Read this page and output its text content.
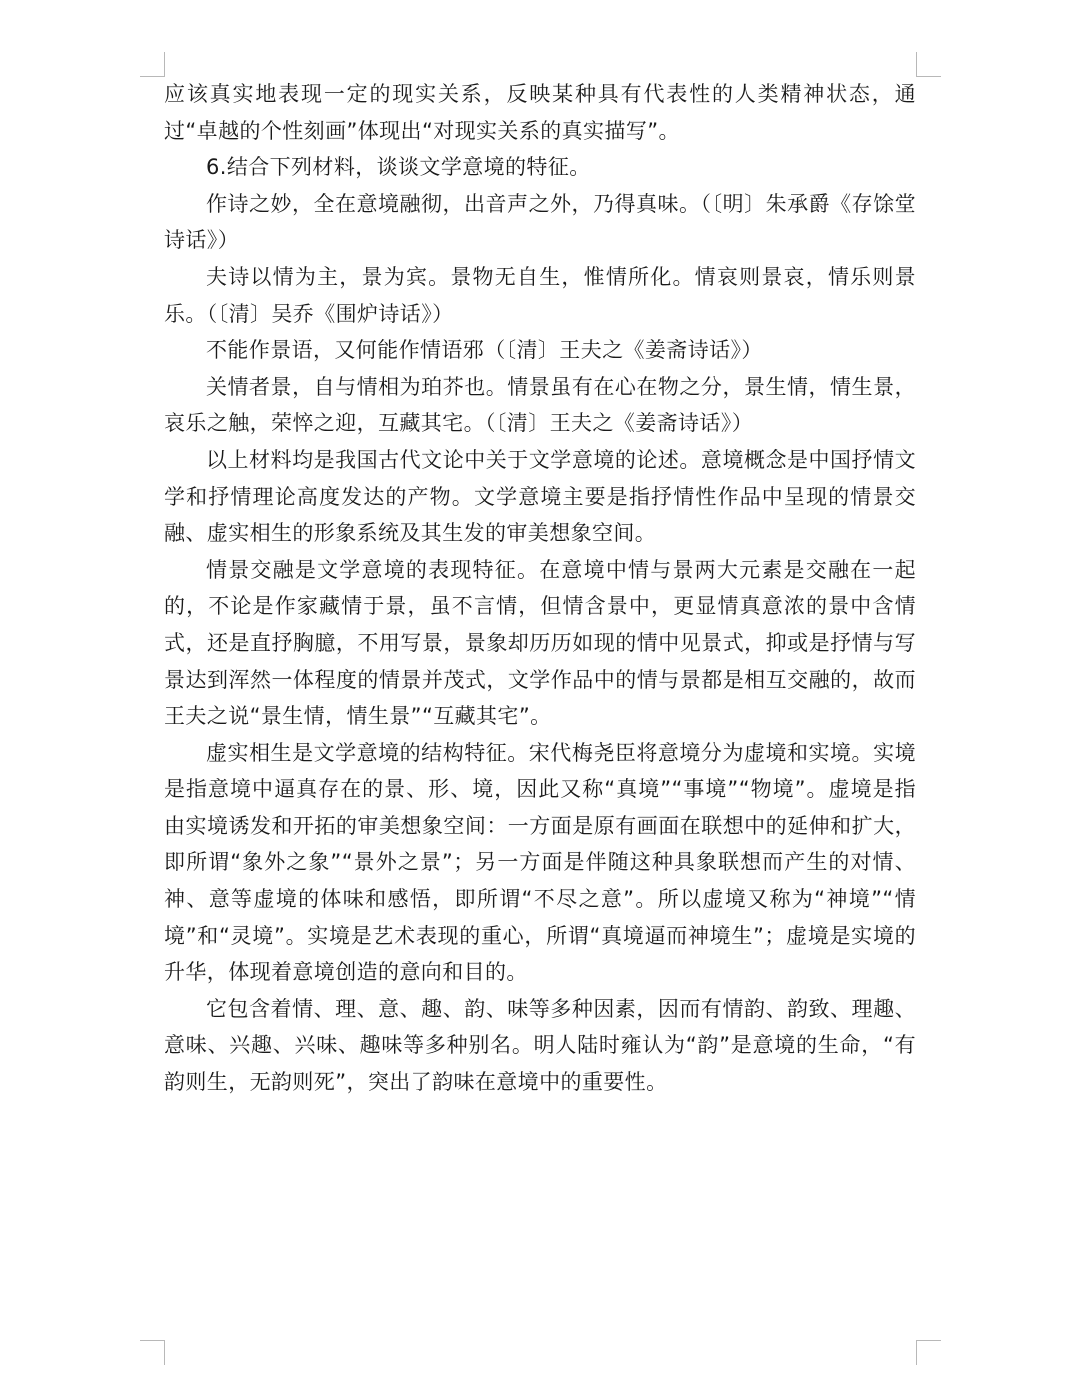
应该真实地表现一定的现实关系，反映某种具有代表性的人类精神状态，通过“卓越的个性刻画”体现出“对现实关系的真实描写”。

6.结合下列材料，谈谈文学意境的特征。

作诗之妙，全在意境融彻，出音声之外，乃得真味。（〔明〕朱承爵《存馀堂诗话》）

夫诗以情为主，景为宾。景物无自生，惟情所化。情哀则景哀，情乐则景乐。（〔清〕吴乔《围炉诗话》）

不能作景语，又何能作情语邪（〔清〕王夫之《姜斋诗话》）

关情者景，自与情相为珀芥也。情景虽有在心在物之分，景生情，情生景，哀乐之触，荣悴之迎，互藏其宅。（〔清〕王夫之《姜斋诗话》）

以上材料均是我国古代文论中关于文学意境的论述。意境概念是中国抒情文学和抒情理论高度发达的产物。文学意境主要是指抒情性作品中呈现的情景交融、虚实相生的形象系统及其生发的审美想象空间。

情景交融是文学意境的表现特征。在意境中情与景两大元素是交融在一起的，不论是作家藏情于景，虽不言情，但情含景中，更显情真意浓的景中含情式，还是直抒胸臆，不用写景，景象却历历如现的情中见景式，抑或是抒情与写景达到浑然一体程度的情景并茂式，文学作品中的情与景都是相互交融的，故而王夫之说“景生情，情生景”“互藏其宅”。

虚实相生是文学意境的结构特征。宋代梅尧臣将意境分为虚境和实境。实境是指意境中逼真存在的景、形、境，因此又称“真境”“事境”“物境”。虚境是指由实境诱发和开拓的审美想象空间：一方面是原有画面在联想中的延伸和扩大，即所谓“象外之象”“景外之景”；另一方面是伴随这种具象联想而产生的对情、神、意等虚境的体味和感悟，即所谓“不尽之意”。所以虚境又称为“神境”“情境”和“灵境”。实境是艺术表现的重心，所谓“真境逼而神境生”；虚境是实境的升华，体现着意境创造的意向和目的。

它包含着情、理、意、趣、韵、味等多种因素，因而有情韵、韵致、理趣、意味、兴趣、兴味、趣味等多种别名。明人陆时雍认为“韵”是意境的生命，“有韵则生，无韵则死”，突出了韵味在意境中的重要性。
